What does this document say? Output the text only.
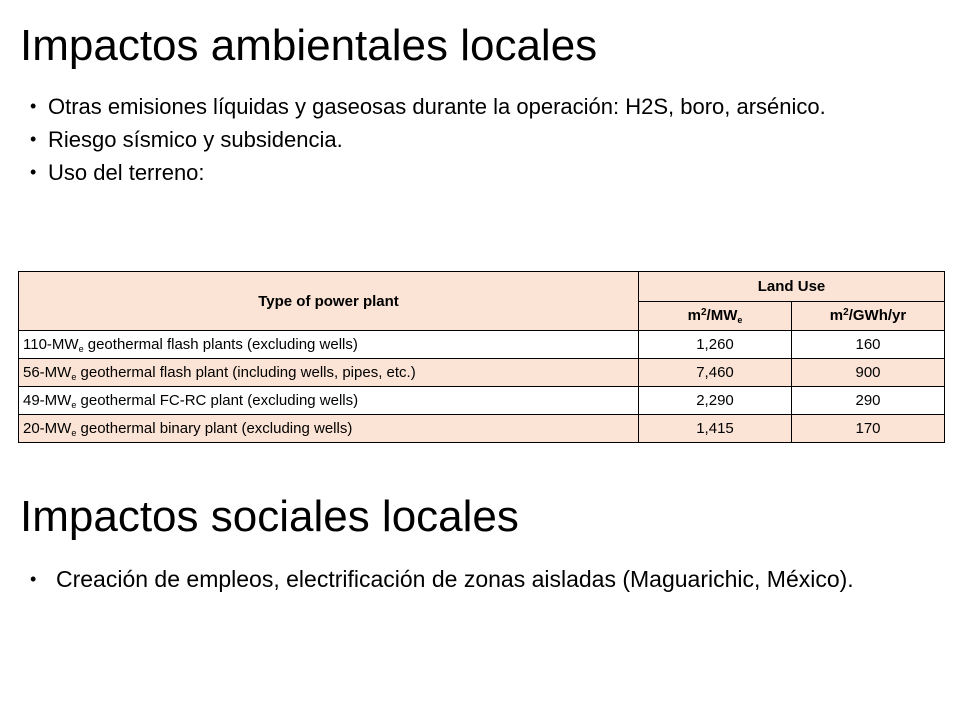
Impactos ambientales locales
• Otras emisiones líquidas y gaseosas durante la operación: H2S, boro, arsénico.
• Riesgo sísmico y subsidencia.
• Uso del terreno:
Type of power plant	Land Use	
	$m^2/MW_e$	$m^2/GWh/yr$
$110-MW_e$ geothermal flash plants (excluding wells)	1,260	160
$56-MW_e$ geothermal flash plant (including wells, pipes, etc.)	7,460	900
$49-MW_e$ geothermal FC-RC plant (excluding wells)	2,290	290
$20-MW_e$ geothermal binary plant (excluding wells)	1,415	170
Impactos sociales locales
• Creación de empleos, electrificación de zonas aisladas (Maguarichic, México).
